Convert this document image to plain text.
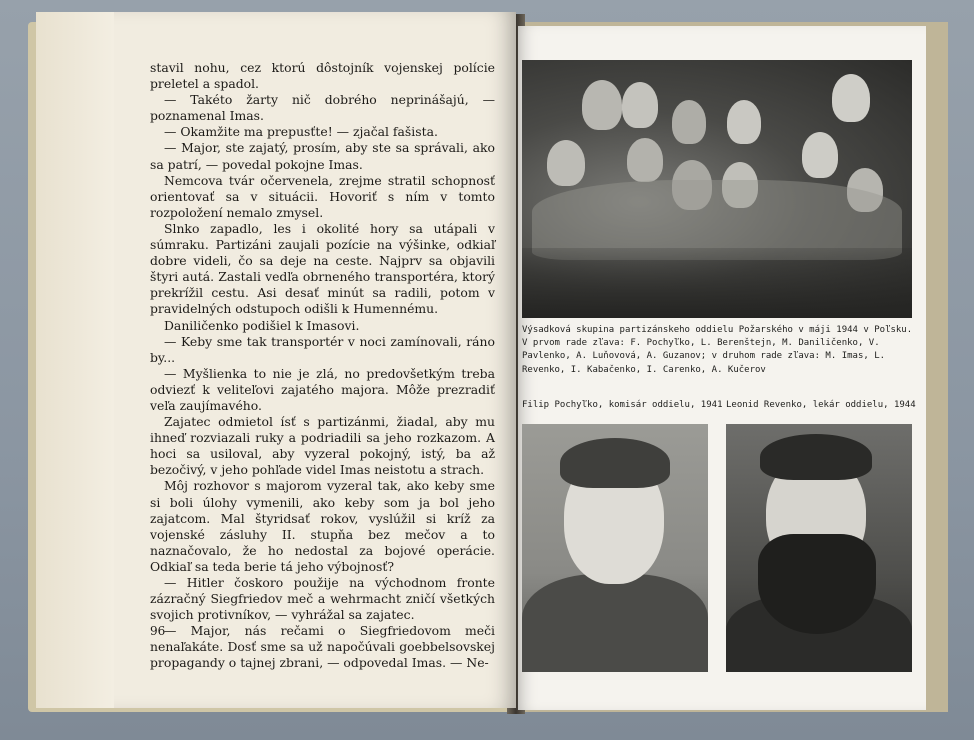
stavil nohu, cez ktorú dôstojník vojenskej polície preletel a spadol.

— Takéto žarty nič dobrého neprinášajú, — poznamenal Imas.

— Okamžite ma prepusťte! — zjačal fašista.

— Major, ste zajatý, prosím, aby ste sa správali, ako sa patrí, — povedal pokojne Imas.

Nemcova tvár očervenela, zrejme stratil schopnosť orientovať sa v situácii. Hovoriť s ním v tomto rozpoložení nemalo zmysel.

Slnko zapadlo, les i okolité hory sa utápali v súmraku. Partizáni zaujali pozície na výšinke, odkiaľ dobre videli, čo sa deje na ceste. Najprv sa objavili štyri autá. Zastali vedľa obrneného transportéra, ktorý prekrížil cestu. Asi desať minút sa radili, potom v pravidelných odstupoch odišli k Humennému.

Daniličenko podišiel k Imasovi.

— Keby sme tak transportér v noci zamínovali, ráno by...

— Myšlienka to nie je zlá, no predovšetkým treba odviezť k veliteľovi zajatého majora. Môže prezradiť veľa zaujímavého.

Zajatec odmietol ísť s partizánmi, žiadal, aby mu ihneď rozviazali ruky a podriadili sa jeho rozkazom. A hoci sa usiloval, aby vyzeral pokojný, istý, ba až bezočivý, v jeho pohľade videl Imas neistotu a strach.

Môj rozhovor s majorom vyzeral tak, ako keby sme si boli úlohy vymenili, ako keby som ja bol jeho zajatcom. Mal štyridsať rokov, vyslúžil si kríž za vojenské zásluhy II. stupňa bez mečov a to naznačovalo, že ho nedostal za bojové operácie. Odkiaľ sa teda berie tá jeho výbojnosť?

— Hitler čoskoro použije na východnom fronte zázračný Siegfriedov meč a wehrmacht zničí všetkých svojich protivníkov, — vyhrážal sa zajatec.

— Major, nás rečami o Siegfriedovom meči nenaľakáte. Dosť sme sa už napočúvali goebbelsovskej propagandy o tajnej zbrani, — odpovedal Imas. — Ne-

96
Výsadková skupina partizánskeho oddielu Požarského v máji 1944 v Poľsku. V prvom rade zľava: F. Pochyľko, L. Berenštejn, M. Daniličenko, V. Pavlenko, A. Luňovová, A. Guzanov; v druhom rade zľava: M. Imas, L. Revenko, I. Kabačenko, I. Carenko, A. Kučerov
Filip Pochyľko, komisár oddielu, 1941 Leonid Revenko, lekár oddielu, 1944
